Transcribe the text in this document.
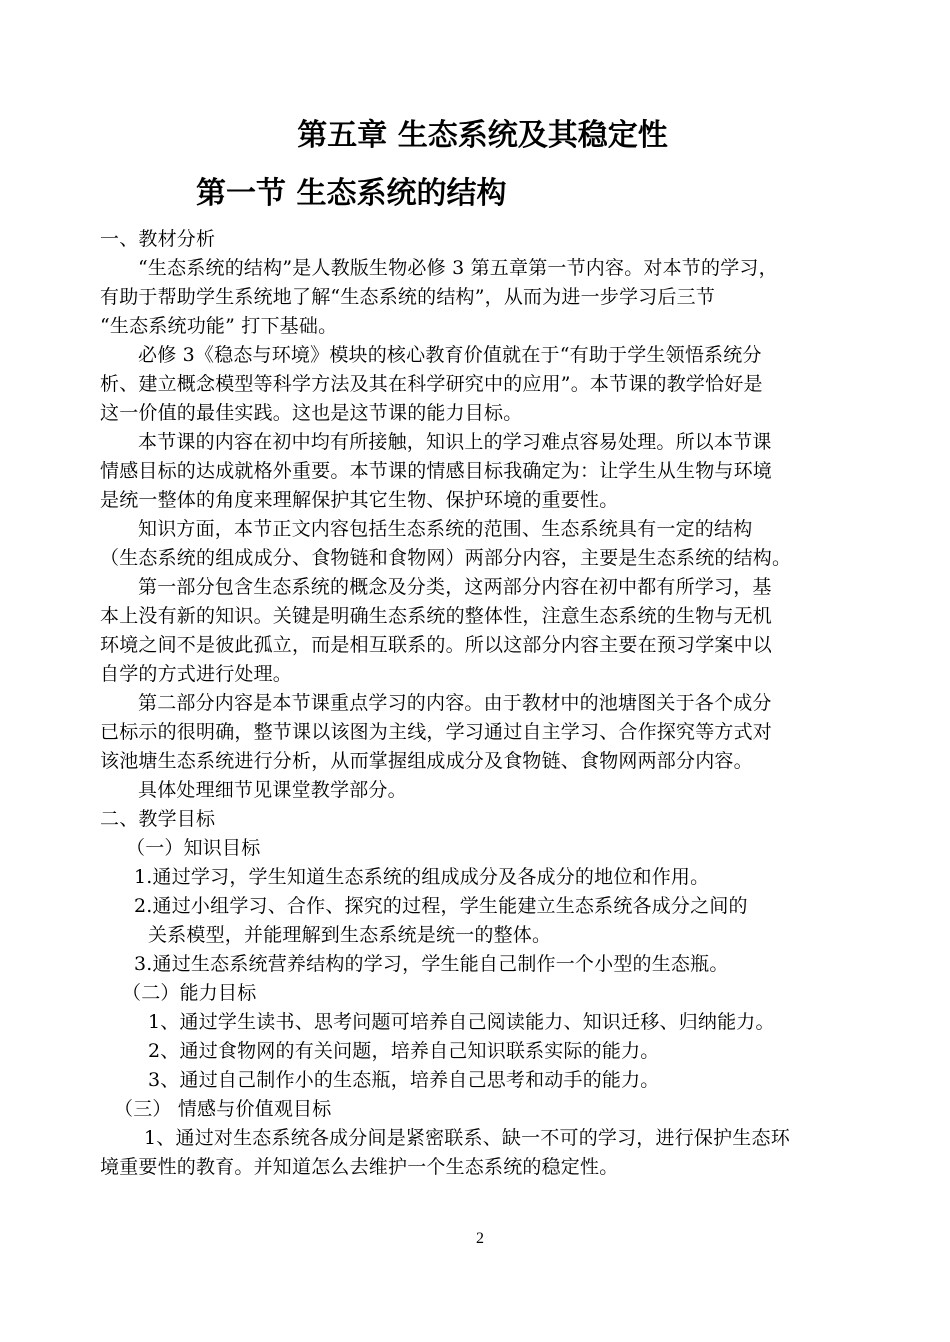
第五章 生态系统及其稳定性
第一节 生态系统的结构
一、教材分析
“生态系统的结构”是人教版生物必修 3 第五章第一节内容。对本节的学习，
有助于帮助学生系统地了解“生态系统的结构”，从而为进一步学习后三节
“生态系统功能” 打下基础。
必修 3《稳态与环境》模块的核心教育价值就在于“有助于学生领悟系统分
析、建立概念模型等科学方法及其在科学研究中的应用”。本节课的教学恰好是
这一价值的最佳实践。这也是这节课的能力目标。
本节课的内容在初中均有所接触，知识上的学习难点容易处理。所以本节课
情感目标的达成就格外重要。本节课的情感目标我确定为：让学生从生物与环境
是统一整体的角度来理解保护其它生物、保护环境的重要性。
知识方面，本节正文内容包括生态系统的范围、生态系统具有一定的结构
（生态系统的组成成分、食物链和食物网）两部分内容，主要是生态系统的结构。
第一部分包含生态系统的概念及分类，这两部分内容在初中都有所学习，基
本上没有新的知识。关键是明确生态系统的整体性，注意生态系统的生物与无机
环境之间不是彼此孤立，而是相互联系的。所以这部分内容主要在预习学案中以
自学的方式进行处理。
第二部分内容是本节课重点学习的内容。由于教材中的池塘图关于各个成分
已标示的很明确，整节课以该图为主线，学习通过自主学习、合作探究等方式对
该池塘生态系统进行分析，从而掌握组成成分及食物链、食物网两部分内容。
具体处理细节见课堂教学部分。
二、教学目标
（一）知识目标
1.通过学习，学生知道生态系统的组成成分及各成分的地位和作用。
2.通过小组学习、合作、探究的过程，学生能建立生态系统各成分之间的
关系模型，并能理解到生态系统是统一的整体。
3.通过生态系统营养结构的学习，学生能自己制作一个小型的生态瓶。
（二）能力目标
1、通过学生读书、思考问题可培养自己阅读能力、知识迁移、归纳能力。
2、通过食物网的有关问题，培养自己知识联系实际的能力。
3、通过自己制作小的生态瓶，培养自己思考和动手的能力。
（三） 情感与价值观目标
1、通过对生态系统各成分间是紧密联系、缺一不可的学习，进行保护生态环
境重要性的教育。并知道怎么去维护一个生态系统的稳定性。
2
